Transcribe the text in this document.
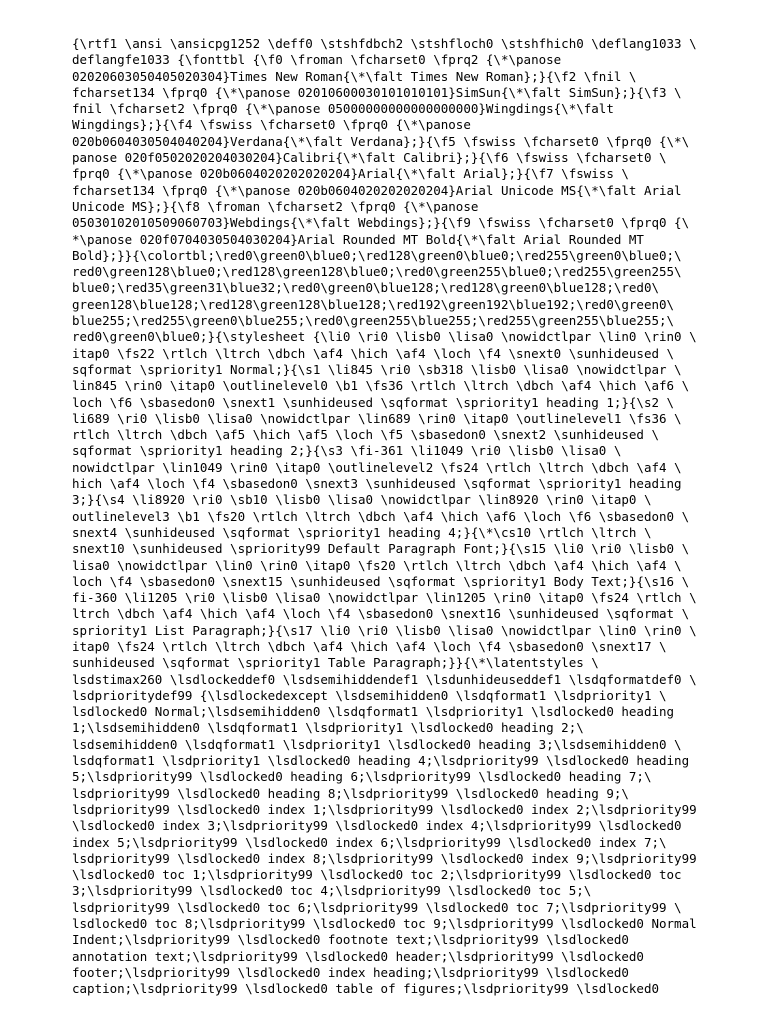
{\rtf1 \ansi \ansicpg1252 \deff0 \stshfdbch2 \stshfloch0 \stshfhich0 \deflang1033 \
deflangfe1033 {\fonttbl {\f0 \froman \fcharset0 \fprq2 {\*\panose
02020603050405020304}Times New Roman{\*\falt Times New Roman};}{\f2 \fnil \
fcharset134 \fprq0 {\*\panose 02010600030101010101}SimSun{\*\falt SimSun};}{\f3 \
fnil \fcharset2 \fprq0 {\*\panose 05000000000000000000}Wingdings{\*\falt
Wingdings};}{\f4 \fswiss \fcharset0 \fprq0 {\*\panose
020b0604030504040204}Verdana{\*\falt Verdana};}{\f5 \fswiss \fcharset0 \fprq0 {\*\
panose 020f0502020204030204}Calibri{\*\falt Calibri};}{\f6 \fswiss \fcharset0 \
fprq0 {\*\panose 020b0604020202020204}Arial{\*\falt Arial};}{\f7 \fswiss \
fcharset134 \fprq0 {\*\panose 020b0604020202020204}Arial Unicode MS{\*\falt Arial
Unicode MS};}{\f8 \froman \fcharset2 \fprq0 {\*\panose
05030102010509060703}Webdings{\*\falt Webdings};}{\f9 \fswiss \fcharset0 \fprq0 {\
*\panose 020f0704030504030204}Arial Rounded MT Bold{\*\falt Arial Rounded MT
Bold};}}{\colortbl;\red0\green0\blue0;\red128\green0\blue0;\red255\green0\blue0;\
red0\green128\blue0;\red128\green128\blue0;\red0\green255\blue0;\red255\green255\
blue0;\red35\green31\blue32;\red0\green0\blue128;\red128\green0\blue128;\red0\
green128\blue128;\red128\green128\blue128;\red192\green192\blue192;\red0\green0\
blue255;\red255\green0\blue255;\red0\green255\blue255;\red255\green255\blue255;\
red0\green0\blue0;}{\stylesheet {\li0 \ri0 \lisb0 \lisa0 \nowidctlpar \lin0 \rin0 \
itap0 \fs22 \rtlch \ltrch \dbch \af4 \hich \af4 \loch \f4 \snext0 \sunhideused \
sqformat \spriority1 Normal;}{\s1 \li845 \ri0 \sb318 \lisb0 \lisa0 \nowidctlpar \
lin845 \rin0 \itap0 \outlinelevel0 \b1 \fs36 \rtlch \ltrch \dbch \af4 \hich \af6 \
loch \f6 \sbasedon0 \snext1 \sunhideused \sqformat \spriority1 heading 1;}{\s2 \
li689 \ri0 \lisb0 \lisa0 \nowidctlpar \lin689 \rin0 \itap0 \outlinelevel1 \fs36 \
rtlch \ltrch \dbch \af5 \hich \af5 \loch \f5 \sbasedon0 \snext2 \sunhideused \
sqformat \spriority1 heading 2;}{\s3 \fi-361 \li1049 \ri0 \lisb0 \lisa0 \
nowidctlpar \lin1049 \rin0 \itap0 \outlinelevel2 \fs24 \rtlch \ltrch \dbch \af4 \
hich \af4 \loch \f4 \sbasedon0 \snext3 \sunhideused \sqformat \spriority1 heading
3;}{\s4 \li8920 \ri0 \sb10 \lisb0 \lisa0 \nowidctlpar \lin8920 \rin0 \itap0 \
outlinelevel3 \b1 \fs20 \rtlch \ltrch \dbch \af4 \hich \af6 \loch \f6 \sbasedon0 \
snext4 \sunhideused \sqformat \spriority1 heading 4;}{\*\cs10 \rtlch \ltrch \
snext10 \sunhideused \spriority99 Default Paragraph Font;}{\s15 \li0 \ri0 \lisb0 \
lisa0 \nowidctlpar \lin0 \rin0 \itap0 \fs20 \rtlch \ltrch \dbch \af4 \hich \af4 \
loch \f4 \sbasedon0 \snext15 \sunhideused \sqformat \spriority1 Body Text;}{\s16 \
fi-360 \li1205 \ri0 \lisb0 \lisa0 \nowidctlpar \lin1205 \rin0 \itap0 \fs24 \rtlch \
ltrch \dbch \af4 \hich \af4 \loch \f4 \sbasedon0 \snext16 \sunhideused \sqformat \
spriority1 List Paragraph;}{\s17 \li0 \ri0 \lisb0 \lisa0 \nowidctlpar \lin0 \rin0 \
itap0 \fs24 \rtlch \ltrch \dbch \af4 \hich \af4 \loch \f4 \sbasedon0 \snext17 \
sunhideused \sqformat \spriority1 Table Paragraph;}}{\*\latentstyles \
lsdstimax260 \lsdlockeddef0 \lsdsemihiddendef1 \lsdunhideuseddef1 \lsdqformatdef0 \
lsdprioritydef99 {\lsdlockedexcept \lsdsemihidden0 \lsdqformat1 \lsdpriority1 \
lsdlocked0 Normal;\lsdsemihidden0 \lsdqformat1 \lsdpriority1 \lsdlocked0 heading
1;\lsdsemihidden0 \lsdqformat1 \lsdpriority1 \lsdlocked0 heading 2;\
lsdsemihidden0 \lsdqformat1 \lsdpriority1 \lsdlocked0 heading 3;\lsdsemihidden0 \
lsdqformat1 \lsdpriority1 \lsdlocked0 heading 4;\lsdpriority99 \lsdlocked0 heading
5;\lsdpriority99 \lsdlocked0 heading 6;\lsdpriority99 \lsdlocked0 heading 7;\
lsdpriority99 \lsdlocked0 heading 8;\lsdpriority99 \lsdlocked0 heading 9;\
lsdpriority99 \lsdlocked0 index 1;\lsdpriority99 \lsdlocked0 index 2;\lsdpriority99
\lsdlocked0 index 3;\lsdpriority99 \lsdlocked0 index 4;\lsdpriority99 \lsdlocked0
index 5;\lsdpriority99 \lsdlocked0 index 6;\lsdpriority99 \lsdlocked0 index 7;\
lsdpriority99 \lsdlocked0 index 8;\lsdpriority99 \lsdlocked0 index 9;\lsdpriority99
\lsdlocked0 toc 1;\lsdpriority99 \lsdlocked0 toc 2;\lsdpriority99 \lsdlocked0 toc
3;\lsdpriority99 \lsdlocked0 toc 4;\lsdpriority99 \lsdlocked0 toc 5;\
lsdpriority99 \lsdlocked0 toc 6;\lsdpriority99 \lsdlocked0 toc 7;\lsdpriority99 \
lsdlocked0 toc 8;\lsdpriority99 \lsdlocked0 toc 9;\lsdpriority99 \lsdlocked0 Normal
Indent;\lsdpriority99 \lsdlocked0 footnote text;\lsdpriority99 \lsdlocked0
annotation text;\lsdpriority99 \lsdlocked0 header;\lsdpriority99 \lsdlocked0
footer;\lsdpriority99 \lsdlocked0 index heading;\lsdpriority99 \lsdlocked0
caption;\lsdpriority99 \lsdlocked0 table of figures;\lsdpriority99 \lsdlocked0
